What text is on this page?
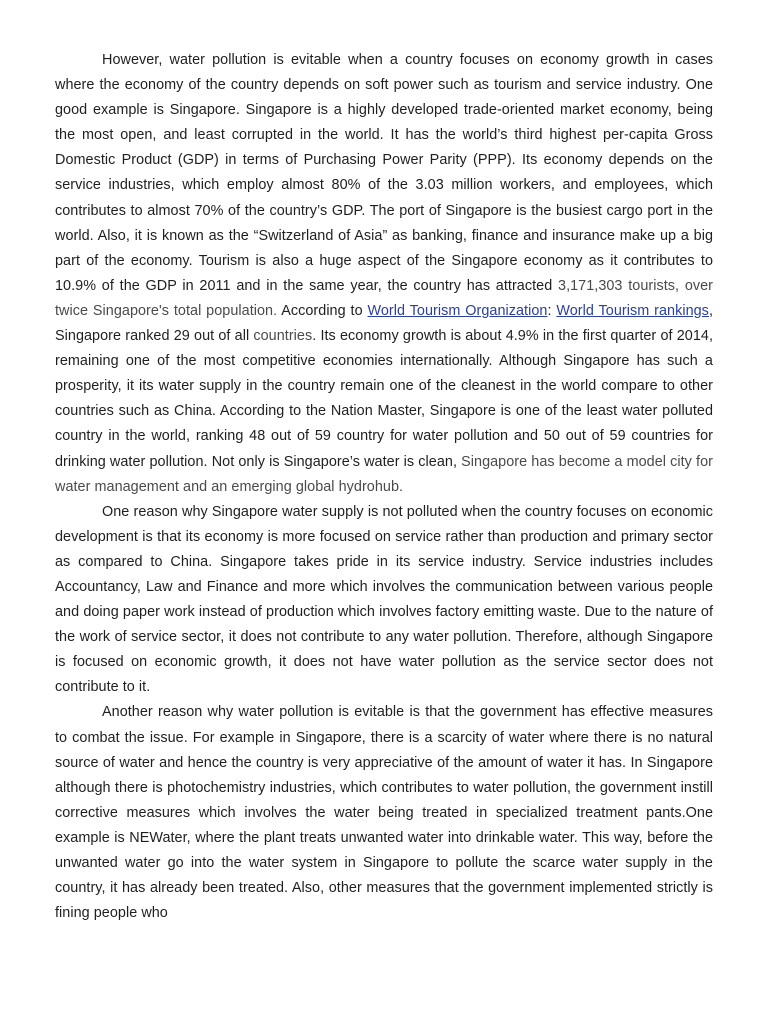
However, water pollution is evitable when a country focuses on economy growth in cases where the economy of the country depends on soft power such as tourism and service industry. One good example is Singapore. Singapore is a highly developed trade-oriented market economy, being the most open, and least corrupted in the world. It has the world’s third highest per-capita Gross Domestic Product (GDP) in terms of Purchasing Power Parity (PPP). Its economy depends on the service industries, which employ almost 80% of the 3.03 million workers, and employees, which contributes to almost 70% of the country’s GDP. The port of Singapore is the busiest cargo port in the world. Also, it is known as the “Switzerland of Asia” as banking, finance and insurance make up a big part of the economy. Tourism is also a huge aspect of the Singapore economy as it contributes to 10.9% of the GDP in 2011 and in the same year, the country has attracted 3,171,303 tourists, over twice Singapore's total population. According to World Tourism Organization: World Tourism rankings, Singapore ranked 29 out of all countries. Its economy growth is about 4.9% in the first quarter of 2014, remaining one of the most competitive economies internationally. Although Singapore has such a prosperity, it its water supply in the country remain one of the cleanest in the world compare to other countries such as China. According to the Nation Master, Singapore is one of the least water polluted country in the world, ranking 48 out of 59 country for water pollution and 50 out of 59 countries for drinking water pollution. Not only is Singapore’s water is clean, Singapore has become a model city for water management and an emerging global hydrohub.

One reason why Singapore water supply is not polluted when the country focuses on economic development is that its economy is more focused on service rather than production and primary sector as compared to China. Singapore takes pride in its service industry. Service industries includes Accountancy, Law and Finance and more which involves the communication between various people and doing paper work instead of production which involves factory emitting waste. Due to the nature of the work of service sector, it does not contribute to any water pollution. Therefore, although Singapore is focused on economic growth, it does not have water pollution as the service sector does not contribute to it.

Another reason why water pollution is evitable is that the government has effective measures to combat the issue. For example in Singapore, there is a scarcity of water where there is no natural source of water and hence the country is very appreciative of the amount of water it has. In Singapore although there is photochemistry industries, which contributes to water pollution, the government instill corrective measures which involves the water being treated in specialized treatment pants.One example is NEWater, where the plant treats unwanted water into drinkable water. This way, before the unwanted water go into the water system in Singapore to pollute the scarce water supply in the country, it has already been treated. Also, other measures that the government implemented strictly is fining people who
